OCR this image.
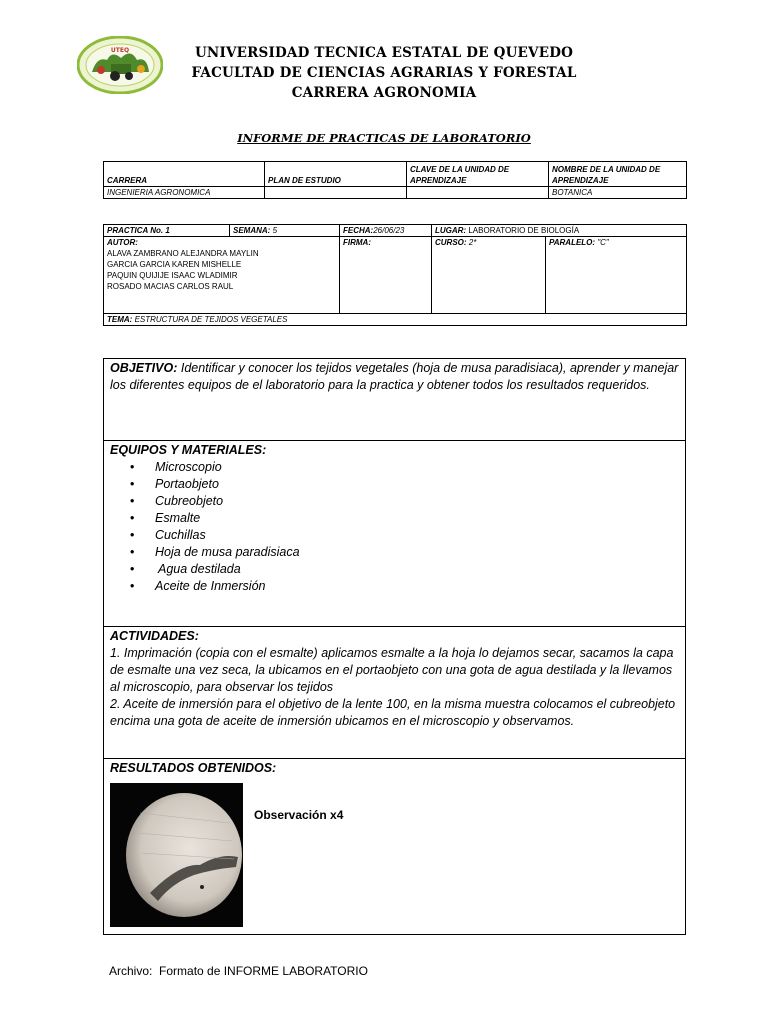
UTEQ	UNIVERSIDAD TECNICA ESTATAL DE QUEVEDO
FACULTAD DE CIENCIAS AGRARIAS Y FORESTAL
CARRERA AGRONOMIA
INFORME DE PRACTICAS DE LABORATORIO
CARRERA	PLAN DE ESTUDIO	CLAVE DE LA UNIDAD DE APRENDIZAJE	NOMBRE DE LA UNIDAD DE APRENDIZAJE
INGENIERIA AGRONOMICA			BOTANICA
PRACTICA No. 1	SEMANA: 5	FECHA:26/06/23	LUGAR: LABORATORIO DE BIOLOGÍA	

AUTOR:
ALAVA ZAMBRANO ALEJANDRA MAYLIN
GARCIA GARCIA KAREN MISHELLE
PAQUIN QUIJIJE ISAAC WLADIMIR
ROSADO MACIAS CARLOS RAUL		FIRMA:	CURSO: 2*	PARALELO: "C"
TEMA: ESTRUCTURA DE TEJIDOS VEGETALES				
OBJETIVO: Identificar y conocer los tejidos vegetales (hoja de musa paradisiaca), aprender y manejar los diferentes equipos de el laboratorio para la practica y obtener todos los resultados requeridos.
EQUIPOS Y MATERIALES:
• Microscopio
• Portaobjeto
• Cubreobjeto
• Esmalte
• Cuchillas
• Hoja de musa paradisiaca
•  Agua destilada
• Aceite de Inmersión
ACTIVIDADES:
1. Imprimación (copia con el esmalte) aplicamos esmalte a la hoja lo dejamos secar, sacamos la capa de esmalte una vez seca, la ubicamos en el portaobjeto con una gota de agua destilada y la llevamos al microscopio, para observar los tejidos
2. Aceite de inmersión para el objetivo de la lente 100, en la misma muestra colocamos el cubreobjeto encima una gota de aceite de inmersión ubicamos en el microscopio y observamos.
RESULTADOS OBTENIDOS:
Observación x4
Archivo: Formato de INFORME LABORATORIO
